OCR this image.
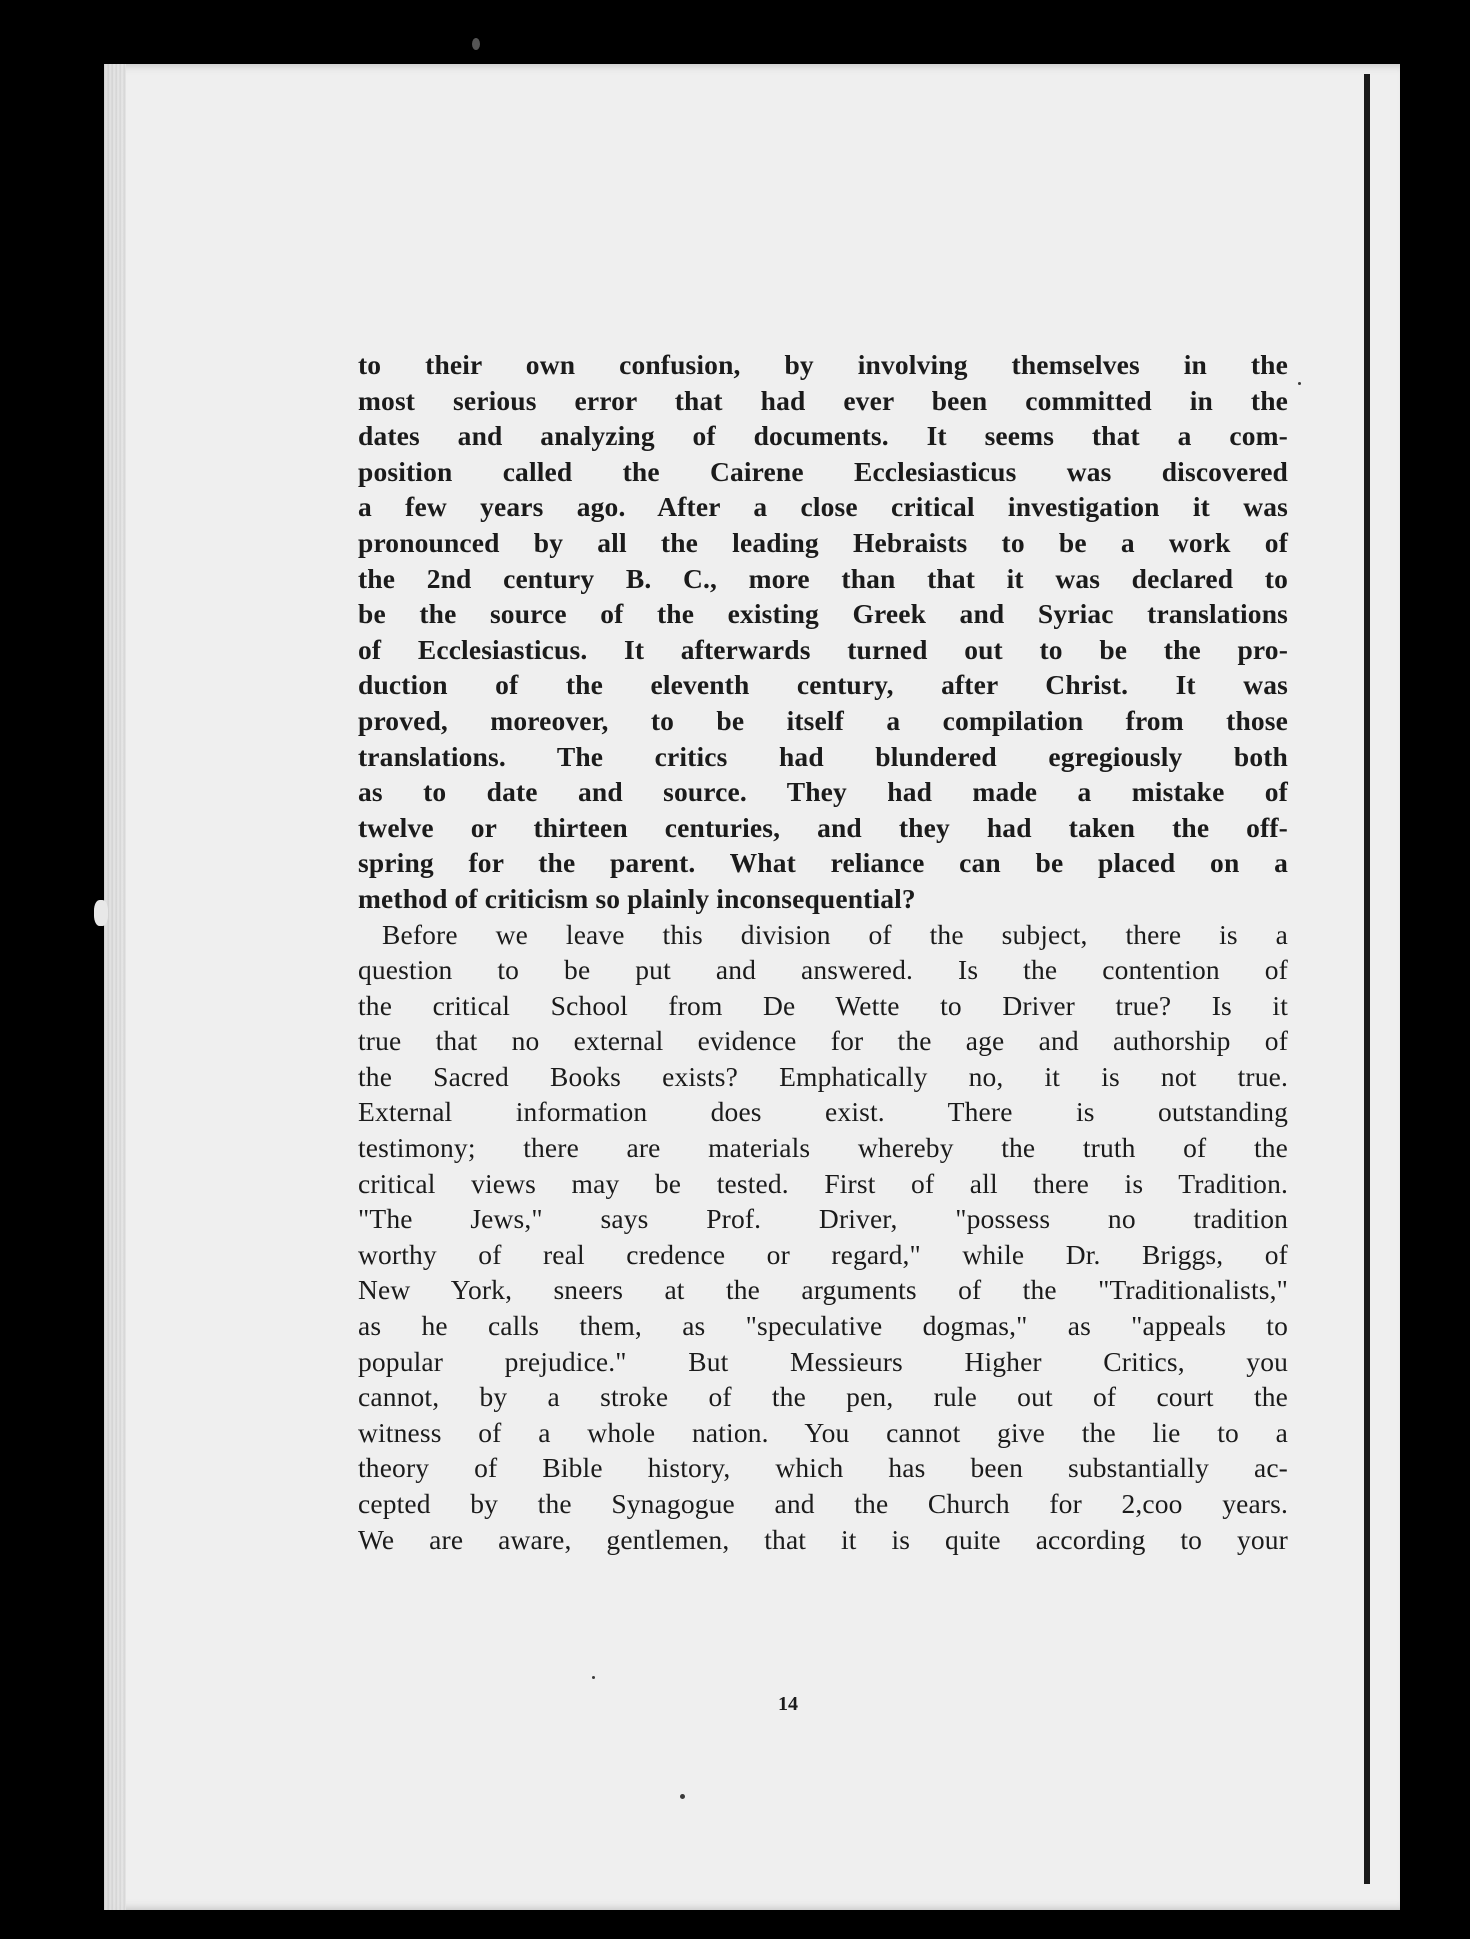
to their own confusion, by involving themselves in the
most serious error that had ever been committed in the
dates and analyzing of documents. It seems that a com-
position called the Cairene Ecclesiasticus was discovered
a few years ago. After a close critical investigation it was
pronounced by all the leading Hebraists to be a work of
the 2nd century B. C., more than that it was declared to
be the source of the existing Greek and Syriac translations
of Ecclesiasticus. It afterwards turned out to be the pro-
duction of the eleventh century, after Christ. It was
proved, moreover, to be itself a compilation from those
translations. The critics had blundered egregiously both
as to date and source. They had made a mistake of
twelve or thirteen centuries, and they had taken the off-
spring for the parent. What reliance can be placed on a
method of criticism so plainly inconsequential?
Before we leave this division of the subject, there is a
question to be put and answered. Is the contention of
the critical School from De Wette to Driver true? Is it
true that no external evidence for the age and authorship of
the Sacred Books exists? Emphatically no, it is not true.
External information does exist. There is outstanding
testimony; there are materials whereby the truth of the
critical views may be tested. First of all there is Tradition.
"The Jews," says Prof. Driver, "possess no tradition
worthy of real credence or regard," while Dr. Briggs, of
New York, sneers at the arguments of the "Traditionalists,"
as he calls them, as "speculative dogmas," as "appeals to
popular prejudice." But Messieurs Higher Critics, you
cannot, by a stroke of the pen, rule out of court the
witness of a whole nation. You cannot give the lie to a
theory of Bible history, which has been substantially ac-
cepted by the Synagogue and the Church for 2,coo years.
We are aware, gentlemen, that it is quite according to your
14
